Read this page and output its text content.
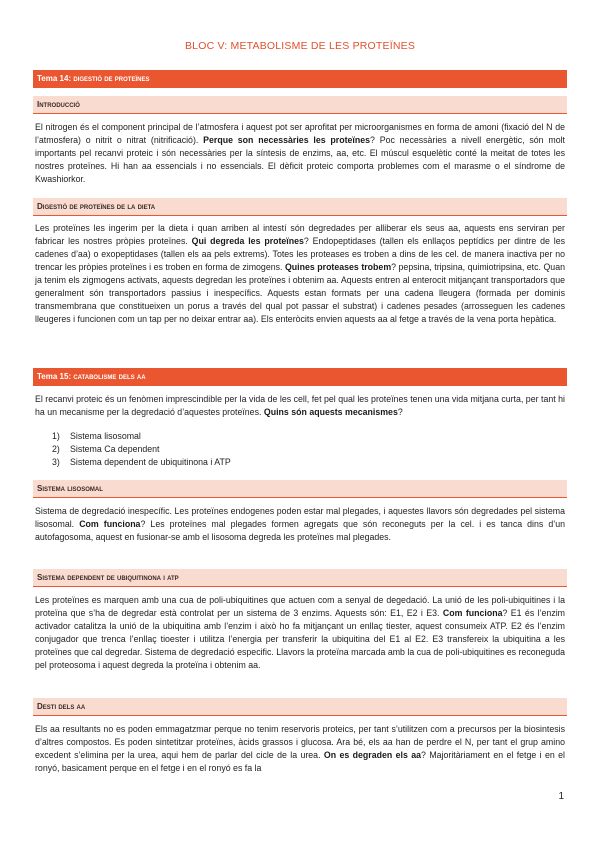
BLOC V: METABOLISME DE LES PROTEÏNES
Tema 14: digestió de proteïnes
Introducció

El nitrogen és el component principal de l’atmosfera i aquest pot ser aprofitat per microorganismes en forma de amoni (fixació del N de l’atmosfera) o nitrit o nitrat (nitrificació). Perque son necessàries les proteïnes? Poc necessàries a nivell energètic, són molt importants pel recanvi proteic i són necessàries per la síntesis de enzims, aa, etc. El múscul esquelètic conté la meitat de totes les nostres proteïnes. Hi han aa essencials i no essencials. El dèficit proteic comporta problemes com el marasme o el síndrome de Kwashiorkor.

Digestió de proteïnes de la dieta

Les proteïnes les ingerim per la dieta i quan arriben al intestí són degredades per alliberar els seus aa, aquests ens serviran per fabricar les nostres pròpies proteïnes. Qui degreda les proteïnes? Endopeptidases (tallen els enllaços peptídics per dintre de les cadenes d’aa) o exopeptidases (tallen els aa pels extrems). Totes les proteases es troben a dins de les cel. de manera inactiva per no trencar les pròpies proteïnes i es troben en forma de zimogens. Quines proteases trobem? pepsina, tripsina, quimiotripsina, etc. Quan ja tenim els zigmogens activats, aquests degredan les proteïnes i obtenim aa. Aquests entren al enterocit mitjançant transportadors que generalment són transportadors passius i inespecífics. Aquests estan formats per una cadena lleugera (formada per dominis transmembrana que constitueixen un porus a través del qual pot passar el substrat) i cadenes pesades (arrosseguen les cadenes lleugeres i funcionen com un tap per no deixar entrar aa). Els enteròcits envien aquests aa al fetge a través de la vena porta hepàtica.

Tema 15: catabolisme dels aa

El recanvi proteic és un fenòmen imprescindible per la vida de les cell, fet pel qual les proteïnes tenen una vida mitjana curta, per tant hi ha un mecanisme per la degredació d’aquestes proteïnes. Quins són aquests mecanismes?

1)	Sistema lisosomal
2)	Sistema Ca dependent
3)	Sistema dependent de ubiquitinona i ATP
Sistema lisosomal

Sistema de degredació inespecífic. Les proteïnes endogenes poden estar mal plegades, i aquestes llavors són degredades pel sistema lisosomal. Com funciona? Les proteïnes mal plegades formen agregats que són reconeguts per la cel. i es tanca dins d’un autofagosoma, aquest en fusionar-se amb el lisosoma degreda les proteïnes mal plegades.

Sistema dependent de ubiquitinona i atp

Les proteïnes es marquen amb una cua de poli-ubiquitines que actuen com a senyal de degedació. La unió de les poli-ubiquitines i la proteïna que s’ha de degredar està controlat per un sistema de 3 enzims. Aquests són: E1, E2 i E3. Com funciona? E1 és l’enzim activador catalitza la unió de la ubiquitina amb l’enzim i això ho fa mitjançant un enllaç tiester, aquest consumeix ATP. E2 és l’enzim conjugador que trenca l’enllaç tioester i utilitza l’energia per transferir la ubiquitina del E1 al E2. E3 transfereix la ubiquitina a les proteïnes que cal degredar. Sistema de degredació especific. Llavors la proteïna marcada amb la cua de poli-ubiquitines es reconeguda pel proteosoma i aquest degreda la proteïna i obtenim aa.

Desti dels aa

Els aa resultants no es poden emmagatzmar perque no tenim reservoris proteics, per tant s’utilitzen com a precursos per la biosintesis d’altres compostos. Es poden sintetitzar proteïnes, àcids grassos i glucosa. Ara bé, els aa han de perdre el N, per tant el grup amino excedent s’elimina per la urea, aqui hem de parlar del cicle de la urea. On es degraden els aa? Majoritàriament en el fetge i en el ronyó, basicament perque en el fetge i en el ronyó es fa la

1
